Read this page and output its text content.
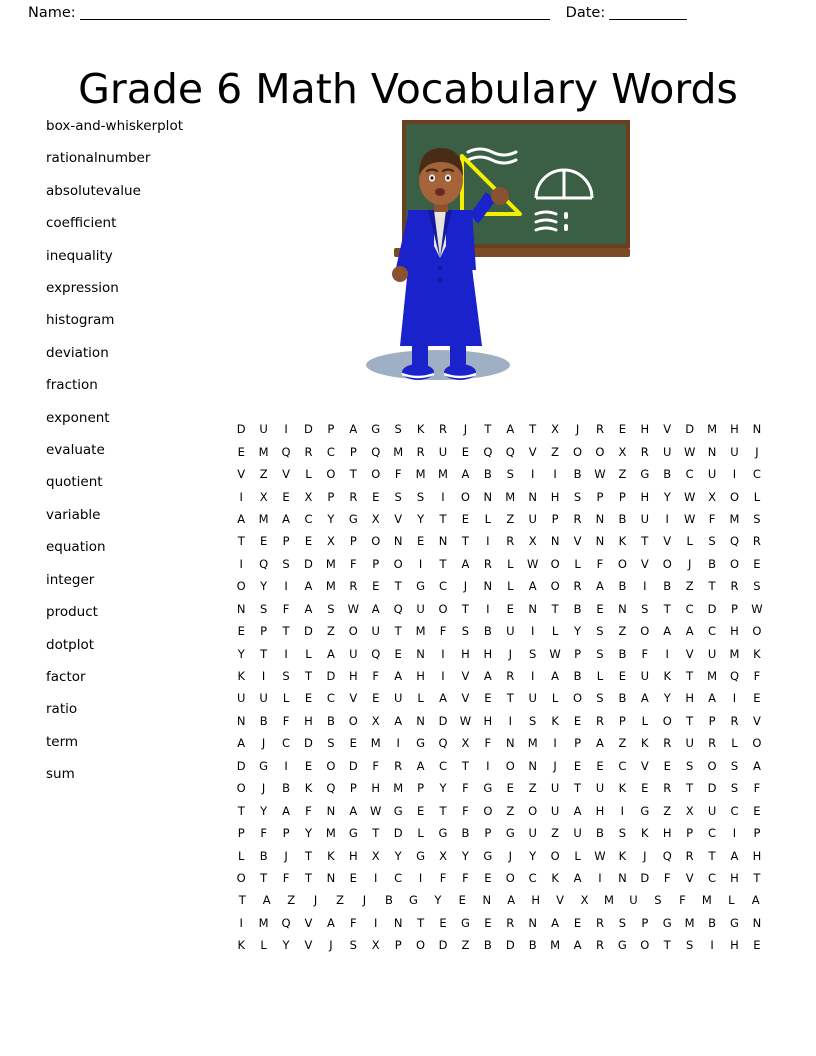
Name:	Date:
Grade 6 Math Vocabulary Words
box-and-whiskerplot
rationalnumber
absolutevalue
coefficient
inequality
expression
histogram
deviation
fraction
exponent
evaluate
quotient
variable
equation
integer
product
dotplot
factor
ratio
term
sum
D	U	I	D	P	A	G	S	K	R	J	T	A	T	X	J	R	E	H	V	D	M	H	N
E	M	Q	R	C	P	Q	M	R	U	E	Q	Q	V	Z	O	O	X	R	U	W	N	U	J
V	Z	V	L	O	T	O	F	M	M	A	B	S	I	I	B	W	Z	G	B	C	U	I	C
I	X	E	X	P	R	E	S	S	I	O	N	M	N	H	S	P	P	H	Y	W	X	O	L
A	M	A	C	Y	G	X	V	Y	T	E	L	Z	U	P	R	N	B	U	I	W	F	M	S
T	E	P	E	X	P	O	N	E	N	T	I	R	X	N	V	N	K	T	V	L	S	Q	R
I	Q	S	D	M	F	P	O	I	T	A	R	L	W	O	L	F	O	V	O	J	B	O	E
O	Y	I	A	M	R	E	T	G	C	J	N	L	A	O	R	A	B	I	B	Z	T	R	S
N	S	F	A	S	W	A	Q	U	O	T	I	E	N	T	B	E	N	S	T	C	D	P	W
E	P	T	D	Z	O	U	T	M	F	S	B	U	I	L	Y	S	Z	O	A	A	C	H	O
Y	T	I	L	A	U	Q	E	N	I	H	H	J	S	W	P	S	B	F	I	V	U	M	K
K	I	S	T	D	H	F	A	H	I	V	A	R	I	A	B	L	E	U	K	T	M	Q	F
U	U	L	E	C	V	E	U	L	A	V	E	T	U	L	O	S	B	A	Y	H	A	I	E
N	B	F	H	B	O	X	A	N	D	W	H	I	S	K	E	R	P	L	O	T	P	R	V
A	J	C	D	S	E	M	I	G	Q	X	F	N	M	I	P	A	Z	K	R	U	R	L	O
D	G	I	E	O	D	F	R	A	C	T	I	O	N	J	E	E	C	V	E	S	O	S	A
O	J	B	K	Q	P	H	M	P	Y	F	G	E	Z	U	T	U	K	E	R	T	D	S	F
T	Y	A	F	N	A	W	G	E	T	F	O	Z	O	U	A	H	I	G	Z	X	U	C	E
P	F	P	Y	M	G	T	D	L	G	B	P	G	U	Z	U	B	S	K	H	P	C	I	P
L	B	J	T	K	H	X	Y	G	X	Y	G	J	Y	O	L	W	K	J	Q	R	T	A	H
O	T	F	T	N	E	I	C	I	F	F	E	O	C	K	A	I	N	D	F	V	C	H	T
T	A	Z	J	Z	J	B	G	Y	E	N	A	H	V	X	M	U	S	F	M	L	A
I	M	Q	V	A	F	I	N	T	E	G	E	R	N	A	E	R	S	P	G	M	B	G	N
K	L	Y	V	J	S	X	P	O	D	Z	B	D	B	M	A	R	G	O	T	S	I	H	E
